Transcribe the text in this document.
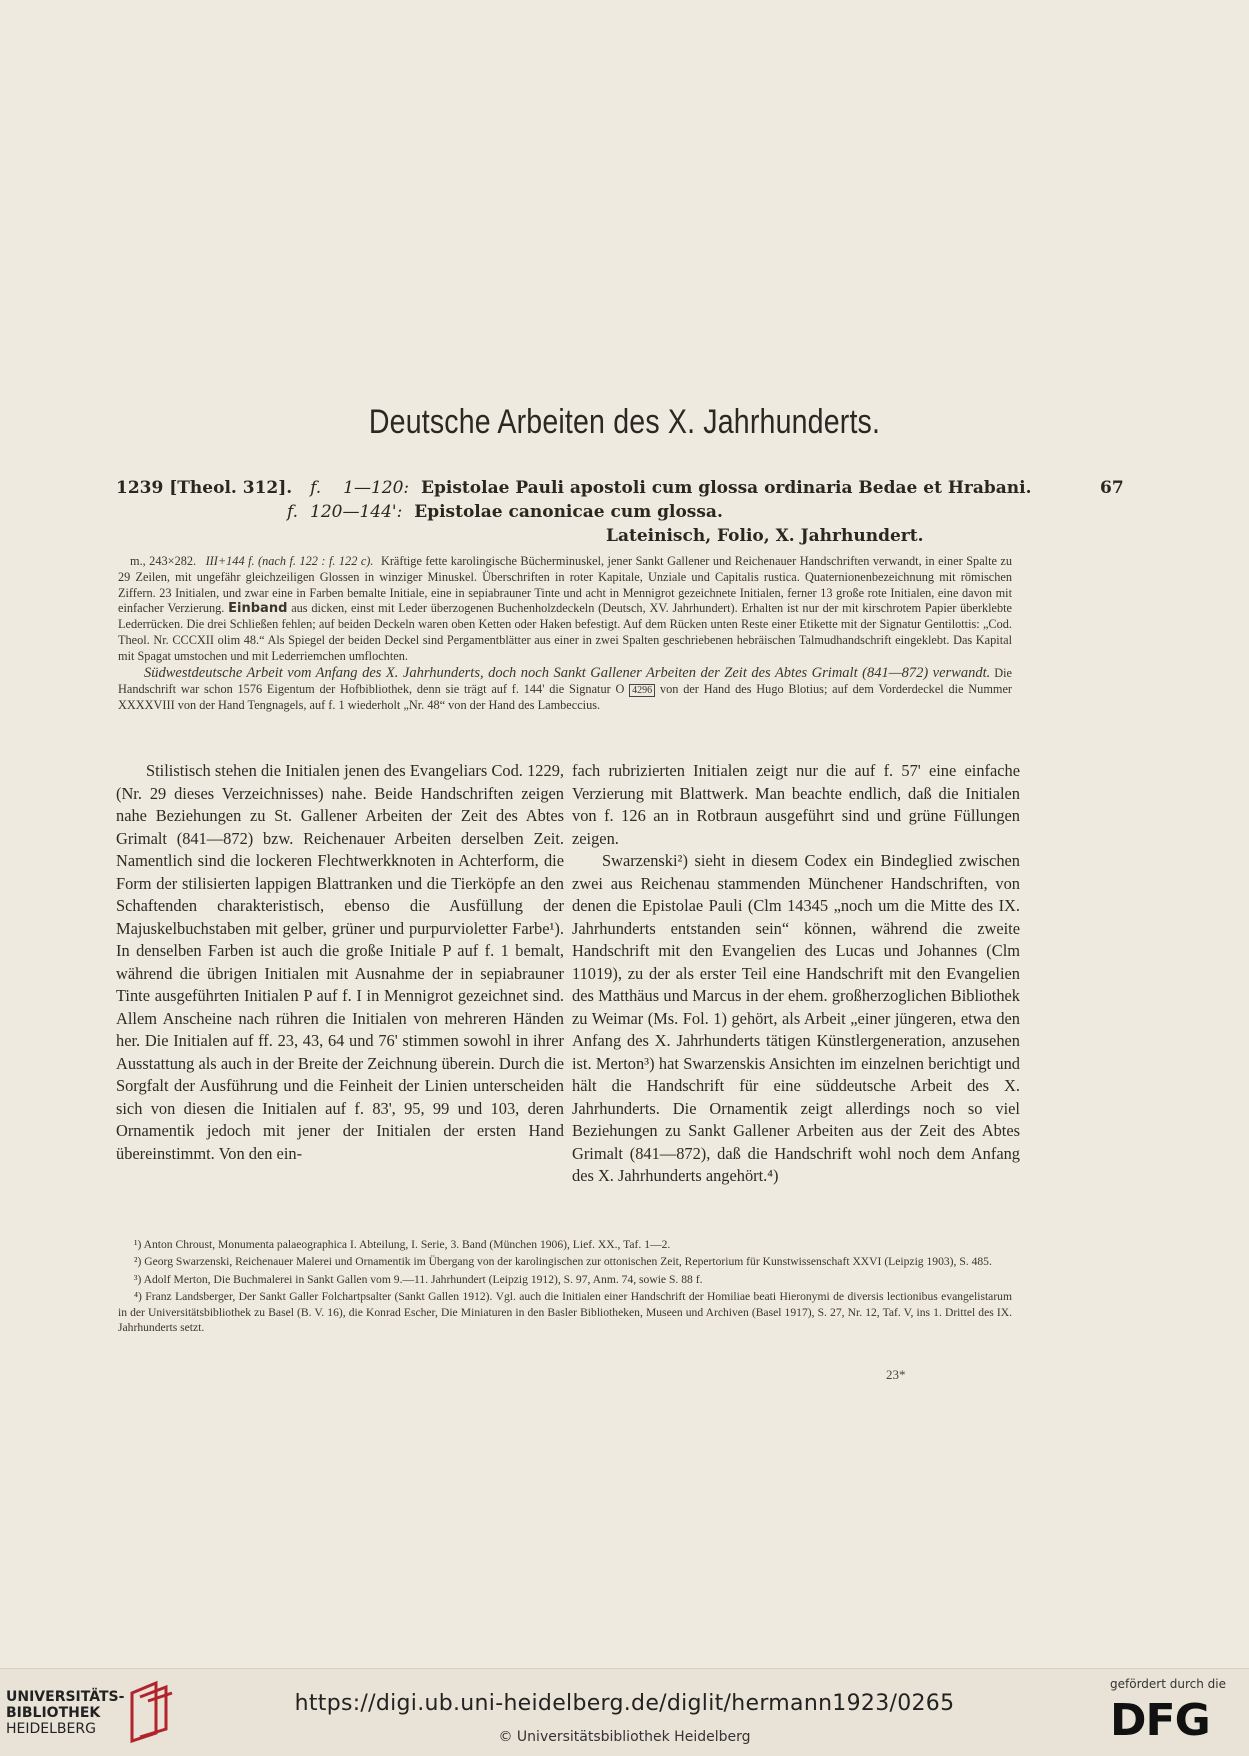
Deutsche Arbeiten des X. Jahrhunderts.
1239 [Theol. 312]. f. 1—120: Epistolae Pauli apostoli cum glossa ordinaria Bedae et Hrabani.	67
f. 120—144': Epistolae canonicae cum glossa.
Lateinisch, Folio, X. Jahrhundert.

m., 243×282. III+144 f. (nach f. 122 : f. 122 c). Kräftige fette karolingische Bücherminuskel, jener Sankt Gallener und Reichenauer Handschriften verwandt, in einer Spalte zu 29 Zeilen, mit ungefähr gleichzeiligen Glossen in winziger Minuskel. Überschriften in roter Kapitale, Unziale und Capitalis rustica. Quaternionenbezeichnung mit römischen Ziffern. 23 Initialen, und zwar eine in Farben bemalte Initiale, eine in sepiabrauner Tinte und acht in Mennigrot gezeichnete Initialen, ferner 13 große rote Initialen, eine davon mit einfacher Verzierung. Einband aus dicken, einst mit Leder überzogenen Buchenholzdeckeln (Deutsch, XV. Jahrhundert). Erhalten ist nur der mit kirschrotem Papier überklebte Lederrücken. Die drei Schließen fehlen; auf beiden Deckeln waren oben Ketten oder Haken befestigt. Auf dem Rücken unten Reste einer Etikette mit der Signatur Gentilottis: „Cod. Theol. Nr. CCCXII olim 48.“ Als Spiegel der beiden Deckel sind Pergamentblätter aus einer in zwei Spalten geschriebenen hebräischen Talmudhandschrift eingeklebt. Das Kapital mit Spagat umstochen und mit Lederriemchen umflochten.

Südwestdeutsche Arbeit vom Anfang des X. Jahrhunderts, doch noch Sankt Gallener Arbeiten der Zeit des Abtes Grimalt (841—872) verwandt. Die Handschrift war schon 1576 Eigentum der Hofbibliothek, denn sie trägt auf f. 144' die Signatur O 4296 von der Hand des Hugo Blotius; auf dem Vorderdeckel die Nummer XXXXVIII von der Hand Tengnagels, auf f. 1 wiederholt „Nr. 48“ von der Hand des Lambeccius.

Stilistisch stehen die Initialen jenen des Evangeliars Cod. 1229, (Nr. 29 dieses Verzeichnisses) nahe. Beide Handschriften zeigen nahe Beziehungen zu St. Gallener Arbeiten der Zeit des Abtes Grimalt (841—872) bzw. Reichenauer Arbeiten derselben Zeit. Namentlich sind die lockeren Flechtwerkknoten in Achterform, die Form der stilisierten lappigen Blattranken und die Tierköpfe an den Schaftenden charakteristisch, ebenso die Ausfüllung der Majuskelbuchstaben mit gelber, grüner und purpurvioletter Farbe¹). In denselben Farben ist auch die große Initiale P auf f. 1 bemalt, während die übrigen Initialen mit Ausnahme der in sepiabrauner Tinte ausgeführten Initialen P auf f. I in Mennigrot gezeichnet sind. Allem Anscheine nach rühren die Initialen von mehreren Händen her. Die Initialen auf ff. 23, 43, 64 und 76' stimmen sowohl in ihrer Ausstattung als auch in der Breite der Zeichnung überein. Durch die Sorgfalt der Ausführung und die Feinheit der Linien unterscheiden sich von diesen die Initialen auf f. 83', 95, 99 und 103, deren Ornamentik jedoch mit jener der Initialen der ersten Hand übereinstimmt. Von den ein-

fach rubrizierten Initialen zeigt nur die auf f. 57' eine einfache Verzierung mit Blattwerk. Man beachte endlich, daß die Initialen von f. 126 an in Rotbraun ausgeführt sind und grüne Füllungen zeigen.

Swarzenski²) sieht in diesem Codex ein Bindeglied zwischen zwei aus Reichenau stammenden Münchener Handschriften, von denen die Epistolae Pauli (Clm 14345 „noch um die Mitte des IX. Jahrhunderts entstanden sein“ können, während die zweite Handschrift mit den Evangelien des Lucas und Johannes (Clm 11019), zu der als erster Teil eine Handschrift mit den Evangelien des Matthäus und Marcus in der ehem. großherzoglichen Bibliothek zu Weimar (Ms. Fol. 1) gehört, als Arbeit „einer jüngeren, etwa den Anfang des X. Jahrhunderts tätigen Künstlergeneration, anzusehen ist. Merton³) hat Swarzenskis Ansichten im einzelnen berichtigt und hält die Handschrift für eine süddeutsche Arbeit des X. Jahrhunderts. Die Ornamentik zeigt allerdings noch so viel Beziehungen zu Sankt Gallener Arbeiten aus der Zeit des Abtes Grimalt (841—872), daß die Handschrift wohl noch dem Anfang des X. Jahrhunderts angehört.⁴)

¹) Anton Chroust, Monumenta palaeographica I. Abteilung, I. Serie, 3. Band (München 1906), Lief. XX., Taf. 1—2.

²) Georg Swarzenski, Reichenauer Malerei und Ornamentik im Übergang von der karolingischen zur ottonischen Zeit, Repertorium für Kunstwissenschaft XXVI (Leipzig 1903), S. 485.

³) Adolf Merton, Die Buchmalerei in Sankt Gallen vom 9.—11. Jahrhundert (Leipzig 1912), S. 97, Anm. 74, sowie S. 88 f.

⁴) Franz Landsberger, Der Sankt Galler Folchartpsalter (Sankt Gallen 1912). Vgl. auch die Initialen einer Handschrift der Homiliae beati Hieronymi de diversis lectionibus evangelistarum in der Universitätsbibliothek zu Basel (B. V. 16), die Konrad Escher, Die Miniaturen in den Basler Bibliotheken, Museen und Archiven (Basel 1917), S. 27, Nr. 12, Taf. V, ins 1. Drittel des IX. Jahrhunderts setzt.

23*
UNIVERSITÄTS-
BIBLIOTHEK
HEIDELBERG
https://digi.ub.uni-heidelberg.de/diglit/hermann1923/0265
© Universitätsbibliothek Heidelberg
gefördert durch die
DFG
